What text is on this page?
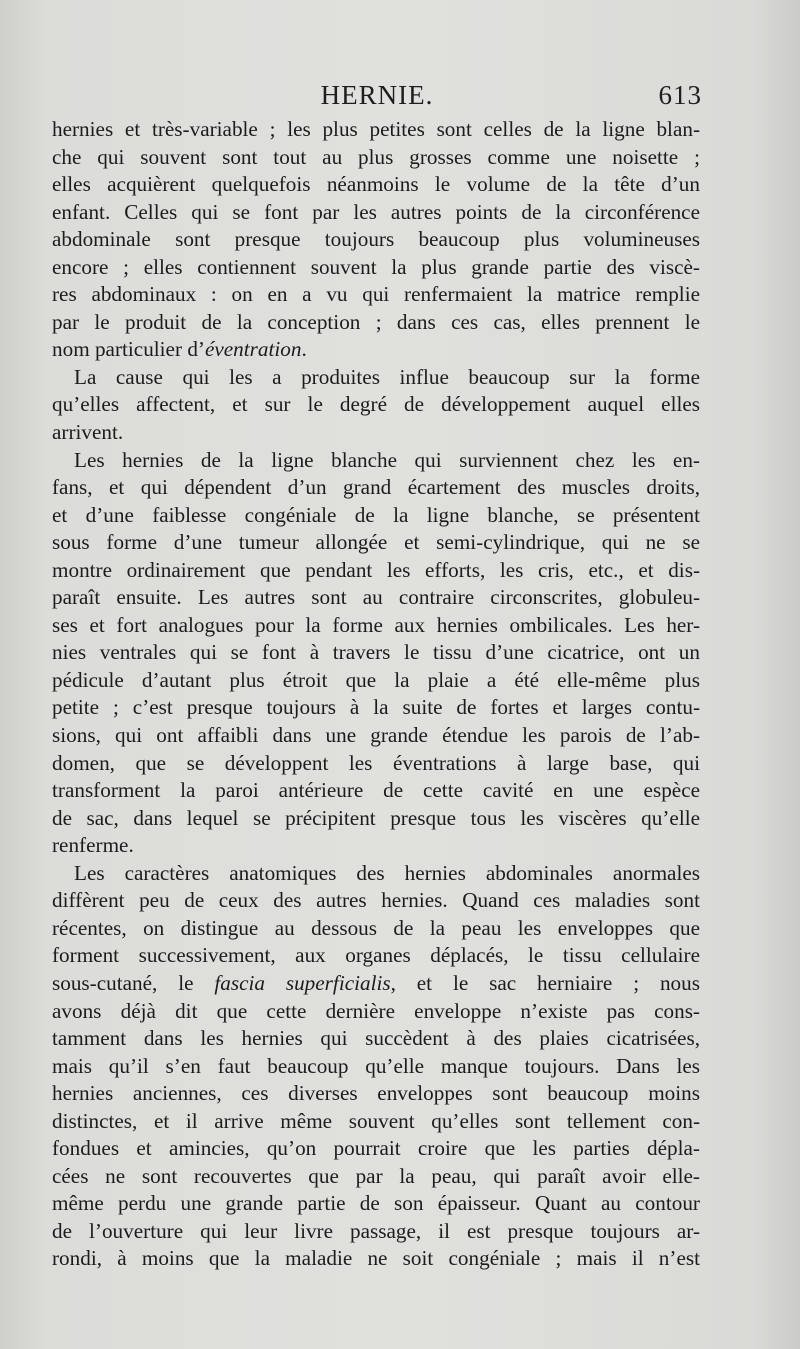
HERNIE.	613

hernies et très-variable ; les plus petites sont celles de la ligne blan-
che qui souvent sont tout au plus grosses comme une noisette ;
elles acquièrent quelquefois néanmoins le volume de la tête d’un
enfant. Celles qui se font par les autres points de la circonférence
abdominale sont presque toujours beaucoup plus volumineuses
encore ; elles contiennent souvent la plus grande partie des viscè-
res abdominaux : on en a vu qui renfermaient la matrice remplie
par le produit de la conception ; dans ces cas, elles prennent le
nom particulier d’éventration.

La cause qui les a produites influe beaucoup sur la forme
qu’elles affectent, et sur le degré de développement auquel elles
arrivent.

Les hernies de la ligne blanche qui surviennent chez les en-
fans, et qui dépendent d’un grand écartement des muscles droits,
et d’une faiblesse congéniale de la ligne blanche, se présentent
sous forme d’une tumeur allongée et semi-cylindrique, qui ne se
montre ordinairement que pendant les efforts, les cris, etc., et dis-
paraît ensuite. Les autres sont au contraire circonscrites, globuleu-
ses et fort analogues pour la forme aux hernies ombilicales. Les her-
nies ventrales qui se font à travers le tissu d’une cicatrice, ont un
pédicule d’autant plus étroit que la plaie a été elle-même plus
petite ; c’est presque toujours à la suite de fortes et larges contu-
sions, qui ont affaibli dans une grande étendue les parois de l’ab-
domen, que se développent les éventrations à large base, qui
transforment la paroi antérieure de cette cavité en une espèce
de sac, dans lequel se précipitent presque tous les viscères qu’elle
renferme.

Les caractères anatomiques des hernies abdominales anormales
diffèrent peu de ceux des autres hernies. Quand ces maladies sont
récentes, on distingue au dessous de la peau les enveloppes que
forment successivement, aux organes déplacés, le tissu cellulaire
sous-cutané, le fascia superficialis, et le sac herniaire ; nous
avons déjà dit que cette dernière enveloppe n’existe pas cons-
tamment dans les hernies qui succèdent à des plaies cicatrisées,
mais qu’il s’en faut beaucoup qu’elle manque toujours. Dans les
hernies anciennes, ces diverses enveloppes sont beaucoup moins
distinctes, et il arrive même souvent qu’elles sont tellement con-
fondues et amincies, qu’on pourrait croire que les parties dépla-
cées ne sont recouvertes que par la peau, qui paraît avoir elle-
même perdu une grande partie de son épaisseur. Quant au contour
de l’ouverture qui leur livre passage, il est presque toujours ar-
rondi, à moins que la maladie ne soit congéniale ; mais il n’est
